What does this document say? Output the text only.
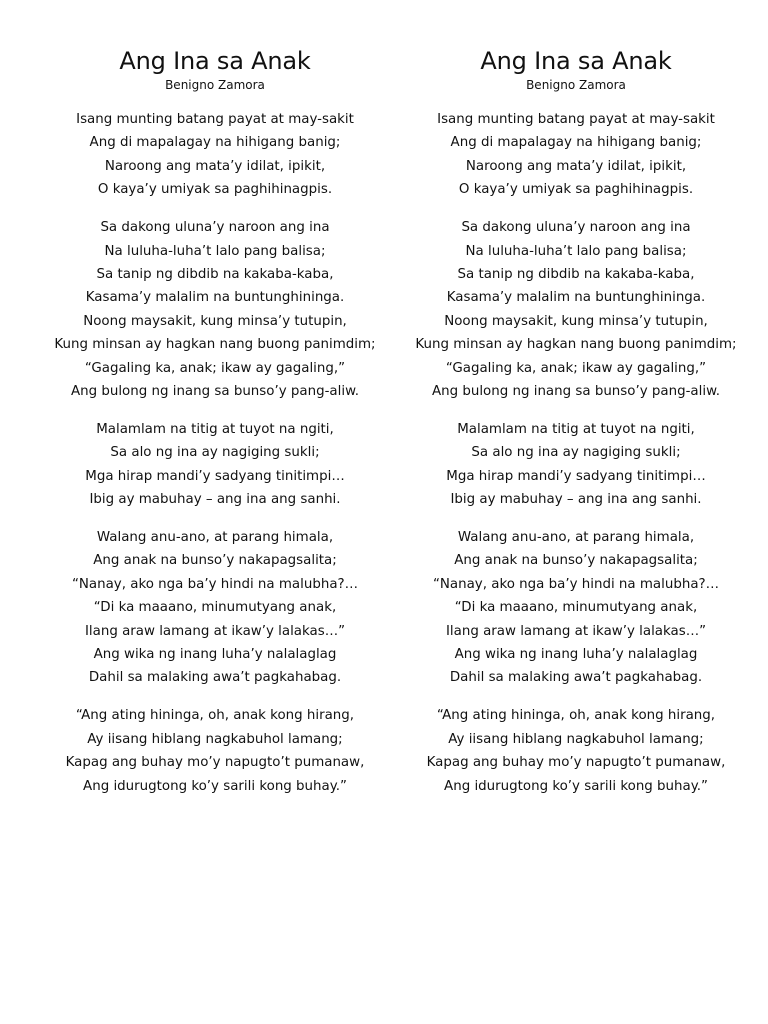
Ang Ina sa Anak

Benigno Zamora

Isang munting batang payat at may-sakit
Ang di mapalagay na hihigang banig;
Naroong ang mata’y idilat, ipikit,
O kaya’y umiyak sa paghihinagpis.
Sa dakong uluna’y naroon ang ina
Na luluha-luha’t lalo pang balisa;
Sa tanip ng dibdib na kakaba-kaba,
Kasama’y malalim na buntunghininga.
Noong maysakit, kung minsa’y tutupin,
Kung minsan ay hagkan nang buong panimdim;
“Gagaling ka, anak; ikaw ay gagaling,”
Ang bulong ng inang sa bunso’y pang-aliw.
Malamlam na titig at tuyot na ngiti,
Sa alo ng ina ay nagiging sukli;
Mga hirap mandi’y sadyang tinitimpi…
Ibig ay mabuhay – ang ina ang sanhi.
Walang anu-ano, at parang himala,
Ang anak na bunso’y nakapagsalita;
“Nanay, ako nga ba’y hindi na malubha?…
“Di ka maaano, minumutyang anak,
Ilang araw lamang at ikaw’y lalakas…”
Ang wika ng inang luha’y nalalaglag
Dahil sa malaking awa’t pagkahabag.
“Ang ating hininga, oh, anak kong hirang,
Ay iisang hiblang nagkabuhol lamang;
Kapag ang buhay mo’y napugto’t pumanaw,
Ang idurugtong ko’y sarili kong buhay.”
Ang Ina sa Anak

Benigno Zamora

Isang munting batang payat at may-sakit
Ang di mapalagay na hihigang banig;
Naroong ang mata’y idilat, ipikit,
O kaya’y umiyak sa paghihinagpis.
Sa dakong uluna’y naroon ang ina
Na luluha-luha’t lalo pang balisa;
Sa tanip ng dibdib na kakaba-kaba,
Kasama’y malalim na buntunghininga.
Noong maysakit, kung minsa’y tutupin,
Kung minsan ay hagkan nang buong panimdim;
“Gagaling ka, anak; ikaw ay gagaling,”
Ang bulong ng inang sa bunso’y pang-aliw.
Malamlam na titig at tuyot na ngiti,
Sa alo ng ina ay nagiging sukli;
Mga hirap mandi’y sadyang tinitimpi…
Ibig ay mabuhay – ang ina ang sanhi.
Walang anu-ano, at parang himala,
Ang anak na bunso’y nakapagsalita;
“Nanay, ako nga ba’y hindi na malubha?…
“Di ka maaano, minumutyang anak,
Ilang araw lamang at ikaw’y lalakas…”
Ang wika ng inang luha’y nalalaglag
Dahil sa malaking awa’t pagkahabag.
“Ang ating hininga, oh, anak kong hirang,
Ay iisang hiblang nagkabuhol lamang;
Kapag ang buhay mo’y napugto’t pumanaw,
Ang idurugtong ko’y sarili kong buhay.”
